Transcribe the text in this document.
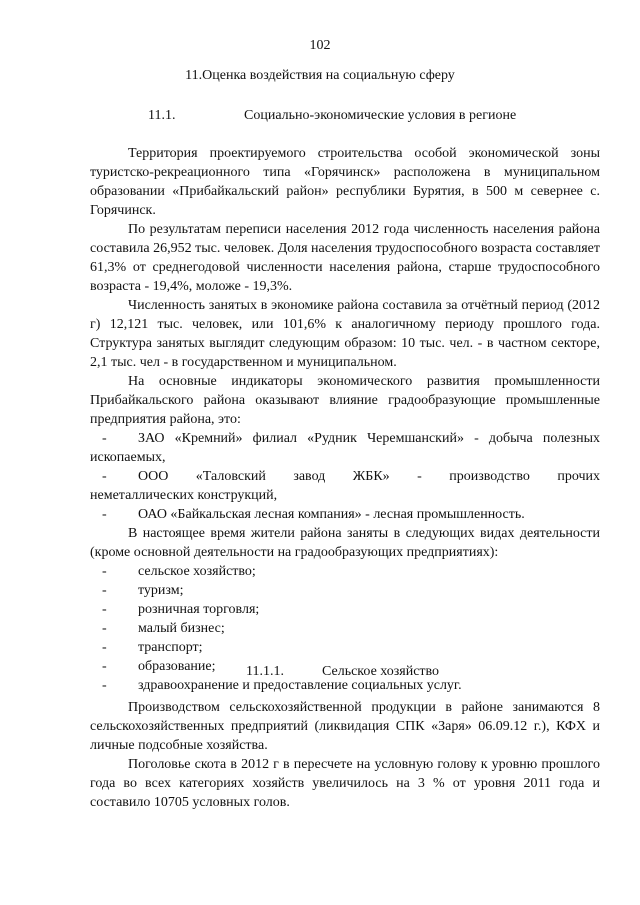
102
11.Оценка воздействия на социальную сферу
11.1.	Социально-экономические условия в регионе

Территория проектируемого строительства особой экономической зоны туристско-рекреационного типа «Горячинск» расположена в муниципальном образовании «Прибайкальский район» республики Бурятия, в 500 м севернее с. Горячинск.

По результатам переписи населения 2012 года численность населения района составила 26,952 тыс. человек. Доля населения трудоспособного возраста составляет 61,3% от среднегодовой численности населения района, старше трудоспособного возраста - 19,4%, моложе - 19,3%.

Численность занятых в экономике района составила за отчётный период (2012 г) 12,121 тыс. человек, или 101,6% к аналогичному периоду прошлого года. Структура занятых выглядит следующим образом: 10 тыс. чел. - в частном секторе, 2,1 тыс. чел - в государственном и муниципальном.

На основные индикаторы экономического развития промышленности Прибайкальского района оказывают влияние градообразующие промышленные предприятия района, это:

-	ЗАО «Кремний» филиал «Рудник Черемшанский» - добыча полезных
ископаемых,
-	ООО «Таловский завод ЖБК» - производство прочих
неметаллических конструкций,
- ОАО «Байкальская лесная компания» - лесная промышленность.

В настоящее время жители района заняты в следующих видах деятельности (кроме основной деятельности на градообразующих предприятиях):

- сельское хозяйство;
- туризм;
- розничная торговля;
- малый бизнес;
- транспорт;
- образование;
- здравоохранение и предоставление социальных услуг.
11.1.1.	Сельское хозяйство

Производством сельскохозяйственной продукции в районе занимаются 8 сельскохозяйственных предприятий (ликвидация СПК «Заря» 06.09.12 г.), КФХ и личные подсобные хозяйства.

Поголовье скота в 2012 г в пересчете на условную голову к уровню прошлого года во всех категориях хозяйств увеличилось на 3 % от уровня 2011 года и составило 10705 условных голов.
